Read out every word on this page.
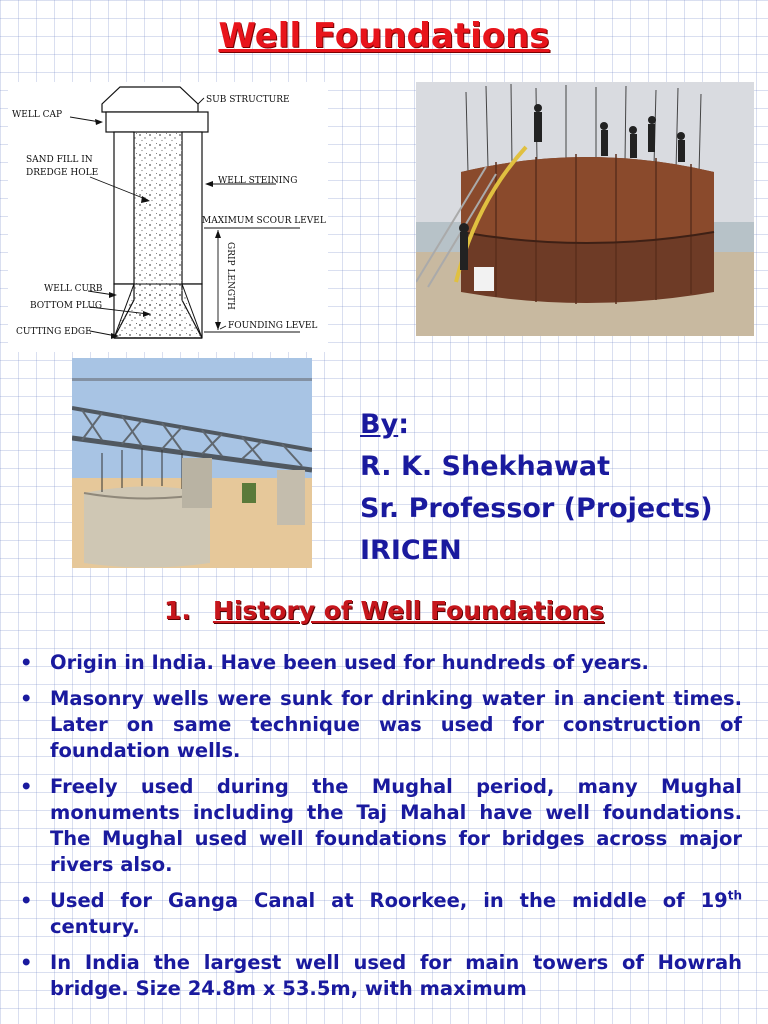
Well Foundations
SUB STRUCTURE
WELL CAP
SAND FILL IN
DREDGE HOLE
WELL STEINING
MAXIMUM SCOUR LEVEL
GRIP LENGTH
WELL CURB
BOTTOM PLUG
CUTTING EDGE
FOUNDING LEVEL
By:
R. K. Shekhawat
Sr. Professor (Projects)
IRICEN
1. History of Well Foundations
• Origin in India. Have been used for hundreds of years.
• Masonry wells were sunk for drinking water in ancient times. Later on same technique was used for construction of foundation wells.
• Freely used during the Mughal period, many Mughal monuments including the Taj Mahal have well foundations. The Mughal used well foundations for bridges across major rivers also.
• Used for Ganga Canal at Roorkee, in the middle of 19th century.
• In India the largest well used for main towers of Howrah bridge. Size 24.8m x 53.5m, with maximum
